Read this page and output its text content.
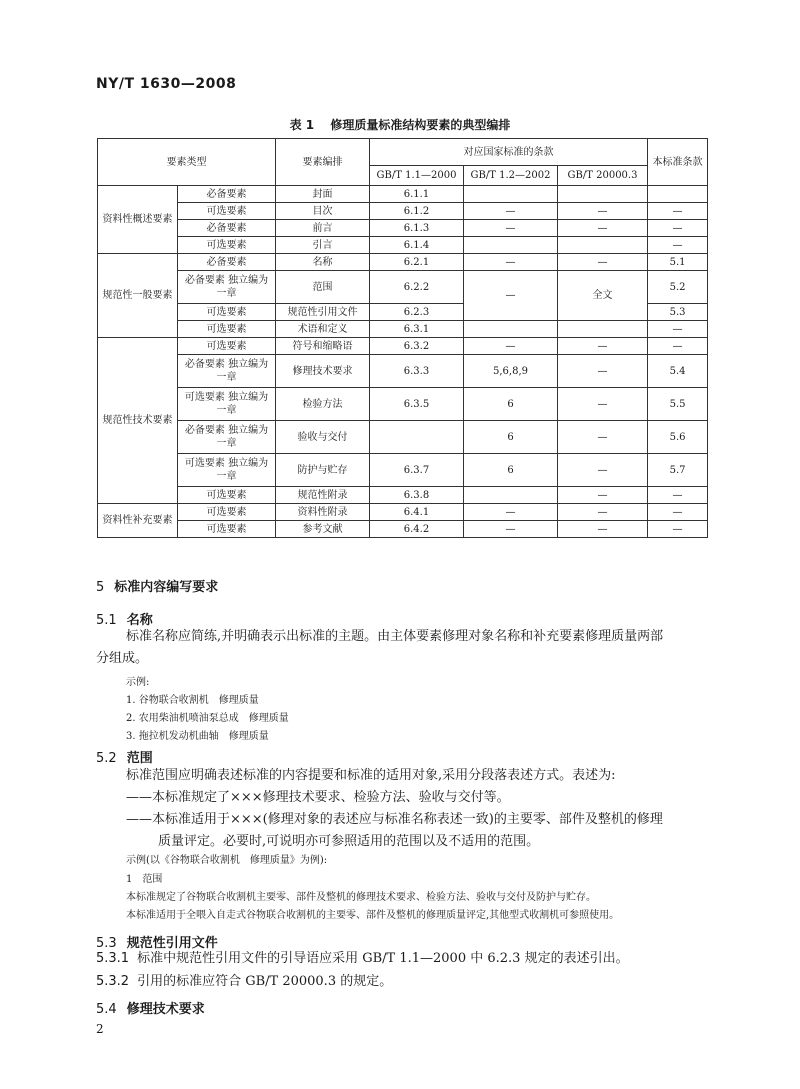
NY/T 1630—2008
表 1 修理质量标准结构要素的典型编排
要素类型		要素编排	对应国家标准的条款			本标准条款
			GB/T 1.1—2000	GB/T 1.2—2002	GB/T 20000.3	
资料性概述要素	必备要素	封面	6.1.1			
	可选要素	目次	6.1.2	—	—	—
	必备要素	前言	6.1.3	—	—	—
	可选要素	引言	6.1.4			—
规范性一般要素	必备要素	名称	6.2.1	—	—	5.1
	必备要素 独立编为一章	范围	6.2.2	—	全文	5.2
	可选要素	规范性引用文件	6.2.3			5.3
	可选要素	术语和定义	6.3.1			—
规范性技术要素	可选要素	符号和缩略语	6.3.2	—	—	—
	必备要素 独立编为一章	修理技术要求	6.3.3	5,6,8,9	—	5.4
	可选要素 独立编为一章	检验方法	6.3.5	6	—	5.5
	必备要素 独立编为一章	验收与交付		6	—	5.6
	可选要素 独立编为一章	防护与贮存	6.3.7	6	—	5.7
	可选要素	规范性附录	6.3.8		—	—
资料性补充要素	可选要素	资料性附录	6.4.1	—	—	—
	可选要素	参考文献	6.4.2	—	—	—
5 标准内容编写要求
5.1 名称
标准名称应简练,并明确表示出标准的主题。由主体要素修理对象名称和补充要素修理质量两部
分组成。
示例:
1. 谷物联合收割机　修理质量
2. 农用柴油机喷油泵总成　修理质量
3. 拖拉机发动机曲轴　修理质量
5.2 范围
标准范围应明确表述标准的内容提要和标准的适用对象,采用分段落表述方式。表述为:
——本标准规定了×××修理技术要求、检验方法、验收与交付等。
——本标准适用于×××(修理对象的表述应与标准名称表述一致)的主要零、部件及整机的修理
质量评定。必要时,可说明亦可参照适用的范围以及不适用的范围。
示例(以《谷物联合收割机　修理质量》为例):
1　范围
本标准规定了谷物联合收割机主要零、部件及整机的修理技术要求、检验方法、验收与交付及防护与贮存。
本标准适用于全喂入自走式谷物联合收割机的主要零、部件及整机的修理质量评定,其他型式收割机可参照使用。
5.3 规范性引用文件
5.3.1 标准中规范性引用文件的引导语应采用 GB/T 1.1—2000 中 6.2.3 规定的表述引出。
5.3.2 引用的标准应符合 GB/T 20000.3 的规定。
5.4 修理技术要求
2
